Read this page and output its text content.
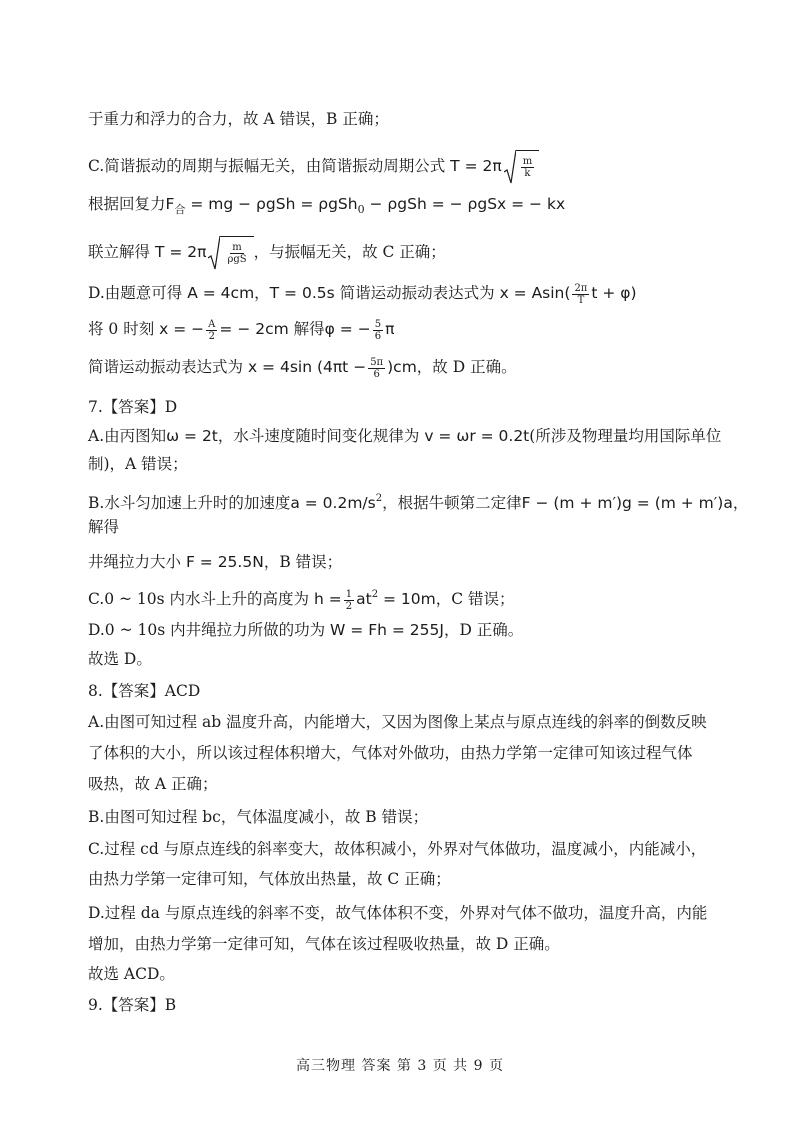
于重力和浮力的合力，故 A 错误，B 正确；
C.简谐振动的周期与振幅无关，由简谐振动周期公式 $T = 2\pi \frac{m}{k}$
根据回复力$F_合$ = mg − ρgSh = ρgSh$_0$ − ρgSh = − ρgSx = − kx
联立解得 $T = 2\pi \frac{m}{\text{ρgS}}$ ，与振幅无关，故 C 正确；
D.由题意可得 A = 4cm，T = 0.5s 简谐运动振动表达式为 $x = Asin( \frac{2\pi}{T}$ t + φ)
将 0 时刻 x = − $\frac{A}{2}$ = − 2cm 解得φ = − $\frac{5}{6}$ π
简谐运动振动表达式为 x = 4sin $(4\pi t - \frac{5\pi}{6} )cm$，故 D 正确。
7.【答案】D
A.由丙图知ω = 2t，水斗速度随时间变化规律为 v = ωr = 0.2t(所涉及物理量均用国际单位
制)，A 错误；
B.水斗匀加速上升时的加速度$a = 0.2m/s^2$，根据牛顿第二定律F − (m + m′)g = (m + m′)a，
解得
井绳拉力大小 F = 25.5N，B 错误；
C.0 ~ 10s 内水斗上升的高度为 $h = \frac{1}{2} at^2 = 10m$，C 错误；
D.0 ~ 10s 内井绳拉力所做的功为 W = Fh = 255J，D 正确。
故选 D。
8.【答案】ACD
A.由图可知过程 ab 温度升高，内能增大，又因为图像上某点与原点连线的斜率的倒数反映
了体积的大小，所以该过程体积增大，气体对外做功，由热力学第一定律可知该过程气体
吸热，故 A 正确；
B.由图可知过程 bc，气体温度减小，故 B 错误；
C.过程 cd 与原点连线的斜率变大，故体积减小，外界对气体做功，温度减小，内能减小，
由热力学第一定律可知，气体放出热量，故 C 正确；
D.过程 da 与原点连线的斜率不变，故气体体积不变，外界对气体不做功，温度升高，内能
增加，由热力学第一定律可知，气体在该过程吸收热量，故 D 正确。
故选 ACD。
9.【答案】B
高三物理 答案 第 3 页 共 9 页
